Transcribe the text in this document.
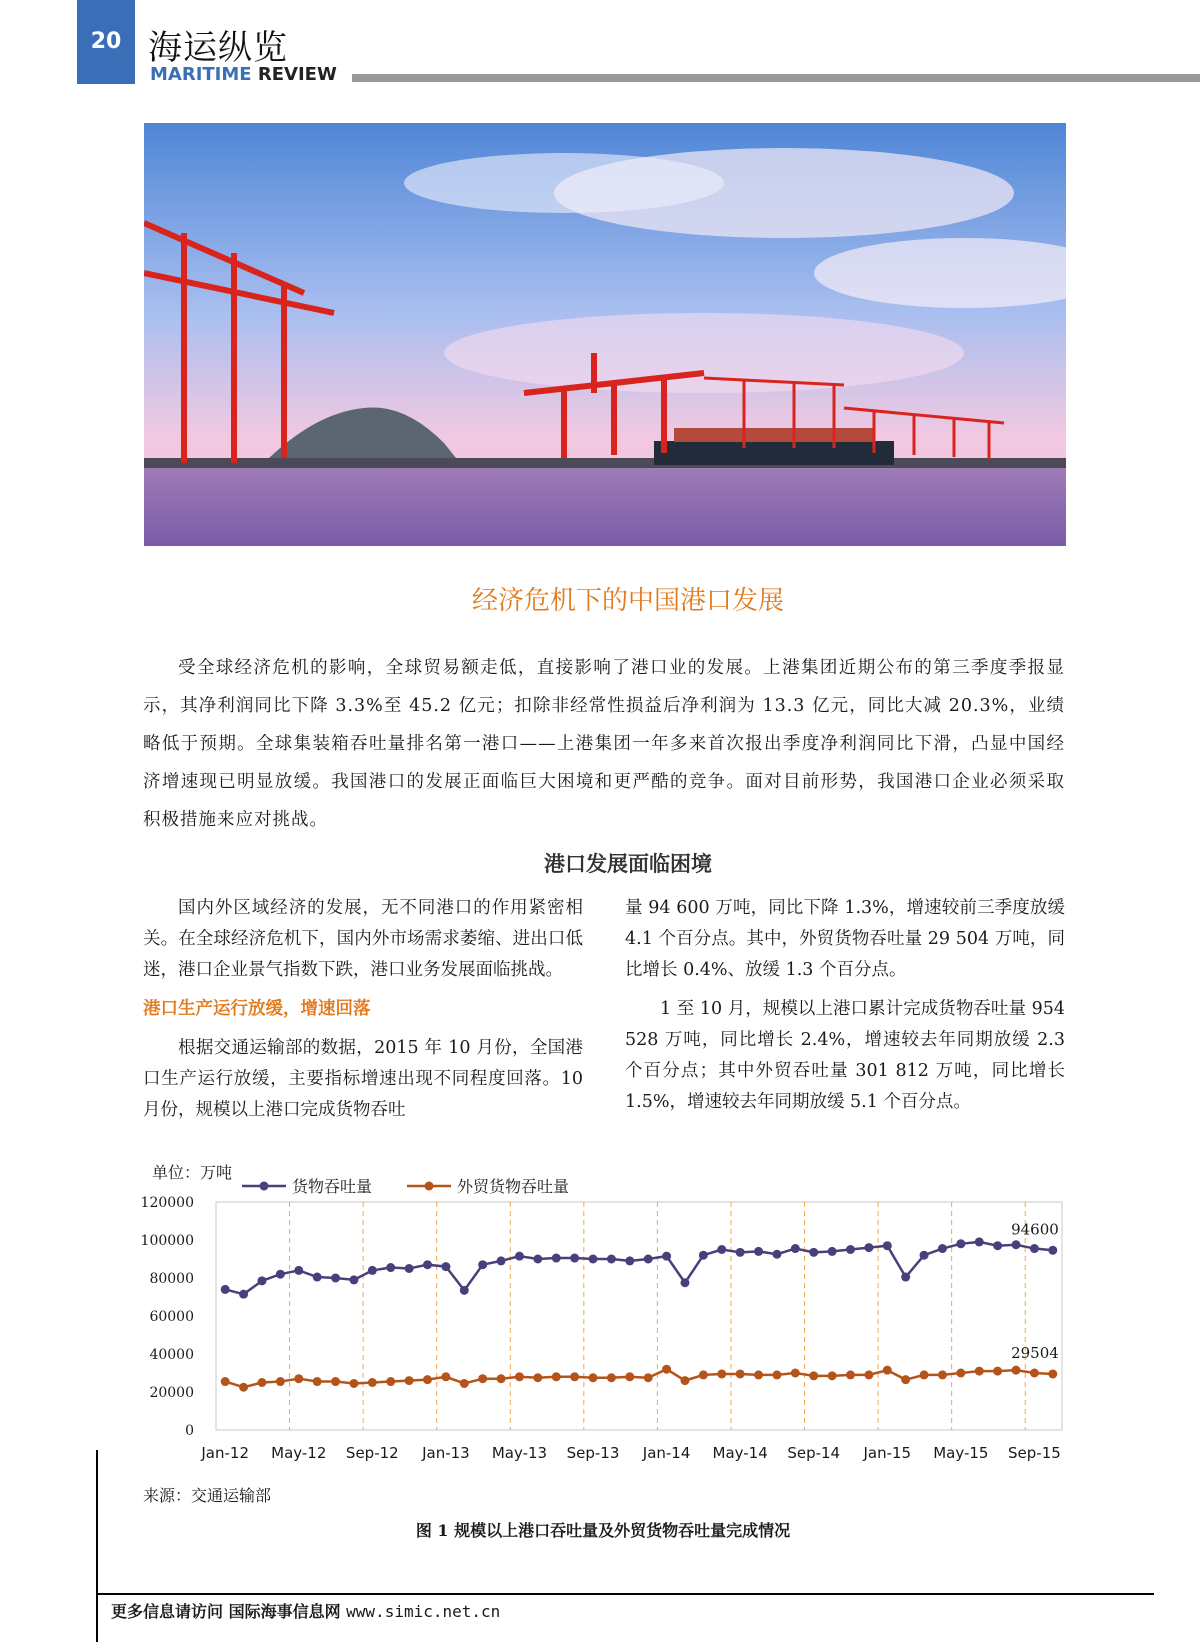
20 海运纵览
MARITIME REVIEW
经济危机下的中国港口发展
受全球经济危机的影响，全球贸易额走低，直接影响了港口业的发展。上港集团近期公布的第三季度季报显示，其净利润同比下降 3.3%至 45.2 亿元；扣除非经常性损益后净利润为 13.3 亿元，同比大减 20.3%，业绩略低于预期。全球集装箱吞吐量排名第一港口——上港集团一年多来首次报出季度净利润同比下滑，凸显中国经济增速现已明显放缓。我国港口的发展正面临巨大困境和更严酷的竞争。面对目前形势，我国港口企业必须采取积极措施来应对挑战。
港口发展面临困境

国内外区域经济的发展，无不同港口的作用紧密相关。在全球经济危机下，国内外市场需求萎缩、进出口低迷，港口企业景气指数下跌，港口业务发展面临挑战。

港口生产运行放缓，增速回落

根据交通运输部的数据，2015 年 10 月份，全国港口生产运行放缓，主要指标增速出现不同程度回落。10 月份，规模以上港口完成货物吞吐

量 94 600 万吨，同比下降 1.3%，增速较前三季度放缓 4.1 个百分点。其中，外贸货物吞吐量 29 504 万吨，同比增长 0.4%、放缓 1.3 个百分点。

1 至 10 月，规模以上港口累计完成货物吞吐量 954 528 万吨，同比增长 2.4%，增速较去年同期放缓 2.3 个百分点；其中外贸吞吐量 301 812 万吨，同比增长 1.5%，增速较去年同期放缓 5.1 个百分点。

单位：万吨
0
20000
40000
60000
80000
100000
120000
Jan-12 May-12 Sep-12 Jan-13 May-13 Sep-13 Jan-14 May-14 Sep-14 Jan-15 May-15 Sep-15
货物吞吐量	外贸货物吞吐量
94600
29504
来源：交通运输部
图 1 规模以上港口吞吐量及外贸货物吞吐量完成情况
更多信息请访问 国际海事信息网 www.simic.net.cn
